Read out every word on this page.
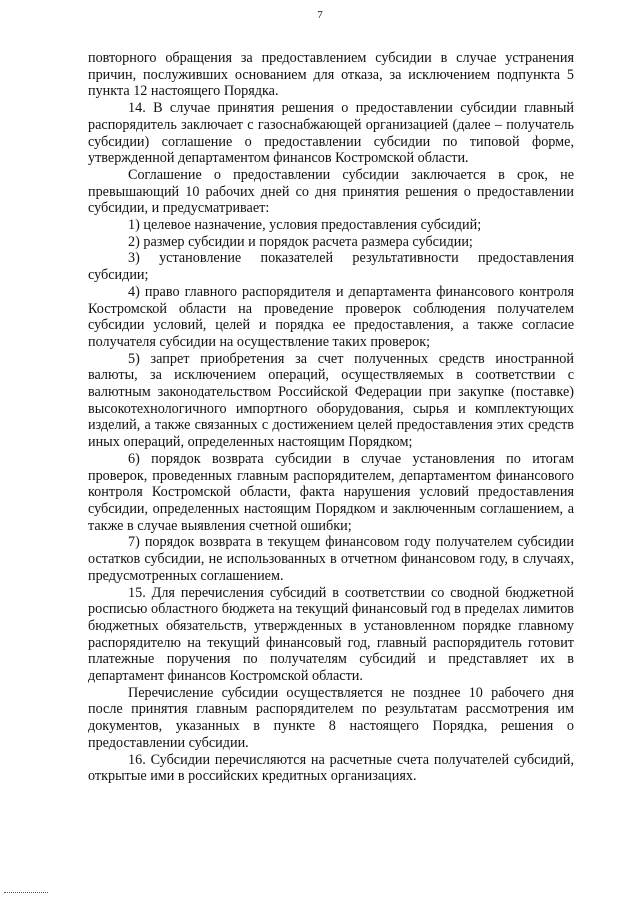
7

повторного обращения за предоставлением субсидии в случае устранения причин, послуживших основанием для отказа, за исключением подпункта 5 пункта 12 настоящего Порядка.

14. В случае принятия решения о предоставлении субсидии главный распорядитель заключает с газоснабжающей организацией (далее – получатель субсидии) соглашение о предоставлении субсидии по типовой форме, утвержденной департаментом финансов Костромской области.

Соглашение о предоставлении субсидии заключается в срок, не превышающий 10 рабочих дней со дня принятия решения о предоставлении субсидии, и предусматривает:

1) целевое назначение, условия предоставления субсидий;

2) размер субсидии и порядок расчета размера субсидии;

3) установление показателей результативности предоставления субсидии;

4) право главного распорядителя и департамента финансового контроля Костромской области на проведение проверок соблюдения получателем субсидии условий, целей и порядка ее предоставления, а также согласие получателя субсидии на осуществление таких проверок;

5) запрет приобретения за счет полученных средств иностранной валюты, за исключением операций, осуществляемых в соответствии с валютным законодательством Российской Федерации при закупке (поставке) высокотехнологичного импортного оборудования, сырья и комплектующих изделий, а также связанных с достижением целей предоставления этих средств иных операций, определенных настоящим Порядком;

6) порядок возврата субсидии в случае установления по итогам проверок, проведенных главным распорядителем, департаментом финансового контроля Костромской области, факта нарушения условий предоставления субсидии, определенных настоящим Порядком и заключенным соглашением, а также в случае выявления счетной ошибки;

7) порядок возврата в текущем финансовом году получателем субсидии остатков субсидии, не использованных в отчетном финансовом году, в случаях, предусмотренных соглашением.

15. Для перечисления субсидий в соответствии со сводной бюджетной росписью областного бюджета на текущий финансовый год в пределах лимитов бюджетных обязательств, утвержденных в установленном порядке главному распорядителю на текущий финансовый год, главный распорядитель готовит платежные поручения по получателям субсидий и представляет их в департамент финансов Костромской области.

Перечисление субсидии осуществляется не позднее 10 рабочего дня после принятия главным распорядителем по результатам рассмотрения им документов, указанных в пункте 8 настоящего Порядка, решения о предоставлении субсидии.

16. Субсидии перечисляются на расчетные счета получателей субсидий, открытые ими в российских кредитных организациях.
